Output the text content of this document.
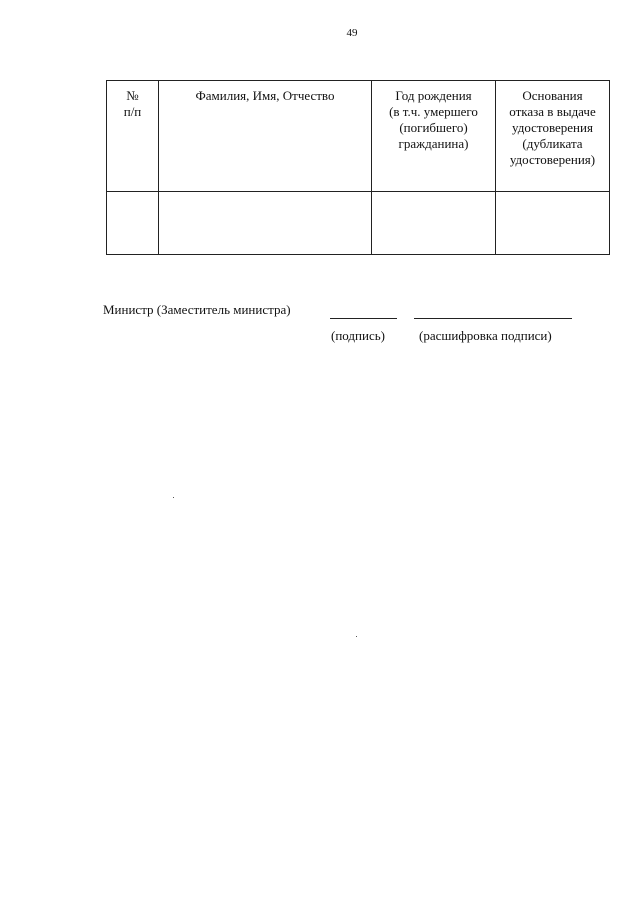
49
№
п/п	Фамилия, Имя, Отчество	Год рождения
(в т.ч. умершего
(погибшего)
гражданина)	Основания
отказа в выдаче
удостоверения
(дубликата
удостоверения)

Министр (Заместитель министра)
(подпись)	(расшифровка подписи)
